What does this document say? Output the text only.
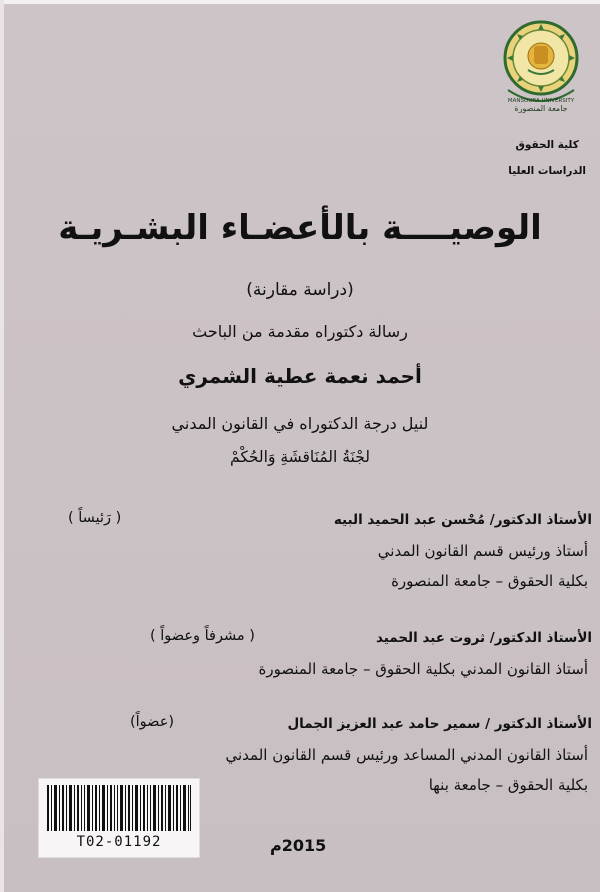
MANSOURA UNIVERSITY
جامعة المنصورة
كلية الحقوق
الدراسات العليا
الوصيــــة بالأعضـاء البشـريـة
(دراسة مقارنة)
رسالة دكتوراه مقدمة من الباحث
أحمد نعمة عطية الشمري
لنيل درجة الدكتوراه في القانون المدني
لجْنَةُ المُنَاقشَةِ وَالحُكْمْ
الأستاذ الدكتور/ مُحْسن عبد الحميد البيه
( رَئيساً )
أستاذ ورئيس قسم القانون المدني
بكلية الحقوق – جامعة المنصورة
الأستاذ الدكتور/ ثروت عبد الحميد
( مشرفاً وعضواً )
أستاذ القانون المدني بكلية الحقوق – جامعة المنصورة
الأستاذ الدكتور / سمير حامد عبد العزيز الجمال
(عضواً)
أستاذ القانون المدني المساعد ورئيس قسم القانون المدني
بكلية الحقوق – جامعة بنها
T02-01192	2015م
